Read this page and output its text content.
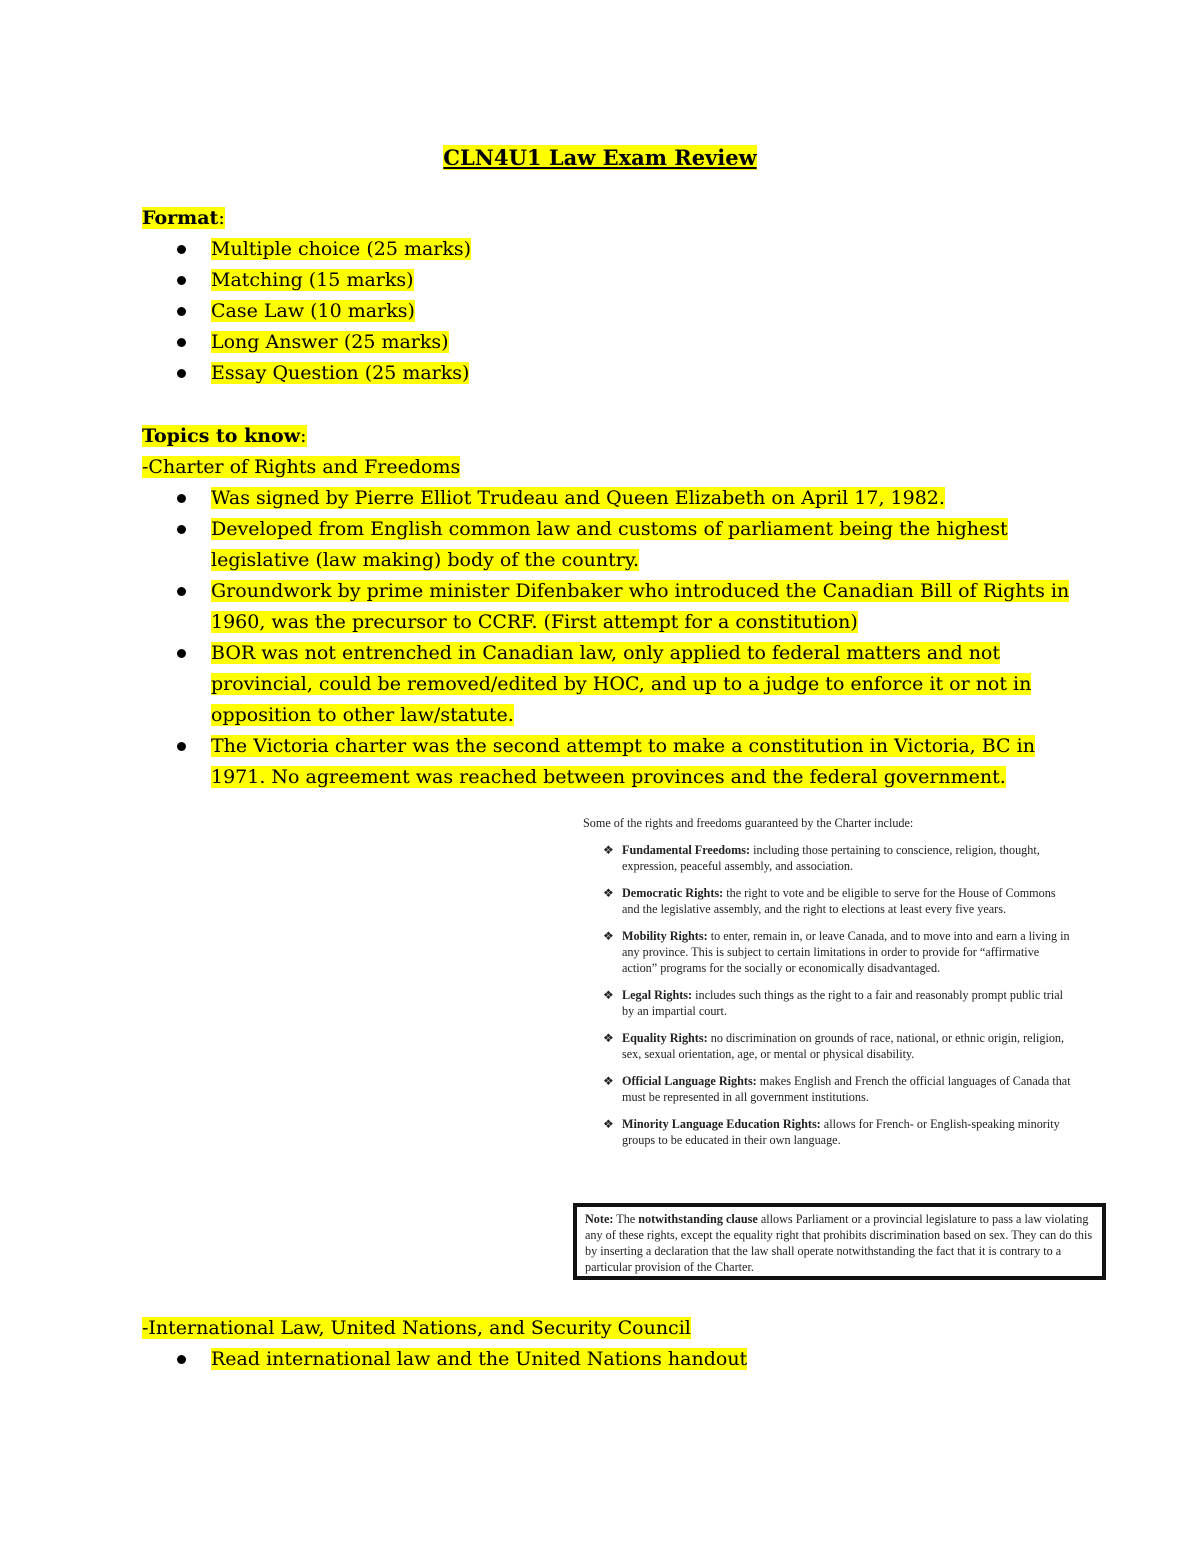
CLN4U1 Law Exam Review
Format:
Multiple choice (25 marks)
Matching (15 marks)
Case Law (10 marks)
Long Answer (25 marks)
Essay Question (25 marks)
Topics to know:
-Charter of Rights and Freedoms
Was signed by Pierre Elliot Trudeau and Queen Elizabeth on April 17, 1982.
Developed from English common law and customs of parliament being the highest legislative (law making) body of the country.
Groundwork by prime minister Difenbaker who introduced the Canadian Bill of Rights in 1960, was the precursor to CCRF. (First attempt for a constitution)
BOR was not entrenched in Canadian law, only applied to federal matters and not provincial, could be removed/edited by HOC, and up to a judge to enforce it or not in opposition to other law/statute.
The Victoria charter was the second attempt to make a constitution in Victoria, BC in 1971. No agreement was reached between provinces and the federal government.
Some of the rights and freedoms guaranteed by the Charter include:
❖ Fundamental Freedoms: including those pertaining to conscience, religion, thought, expression, peaceful assembly, and association.
❖ Democratic Rights: the right to vote and be eligible to serve for the House of Commons and the legislative assembly, and the right to elections at least every five years.
❖ Mobility Rights: to enter, remain in, or leave Canada, and to move into and earn a living in any province. This is subject to certain limitations in order to provide for “affirmative action” programs for the socially or economically disadvantaged.
❖ Legal Rights: includes such things as the right to a fair and reasonably prompt public trial by an impartial court.
❖ Equality Rights: no discrimination on grounds of race, national, or ethnic origin, religion, sex, sexual orientation, age, or mental or physical disability.
❖ Official Language Rights: makes English and French the official languages of Canada that must be represented in all government institutions.
❖ Minority Language Education Rights: allows for French- or English-speaking minority groups to be educated in their own language.
Note: The notwithstanding clause allows Parliament or a provincial legislature to pass a law violating any of these rights, except the equality right that prohibits discrimination based on sex. They can do this by inserting a declaration that the law shall operate notwithstanding the fact that it is contrary to a particular provision of the Charter.
-International Law, United Nations, and Security Council
Read international law and the United Nations handout
